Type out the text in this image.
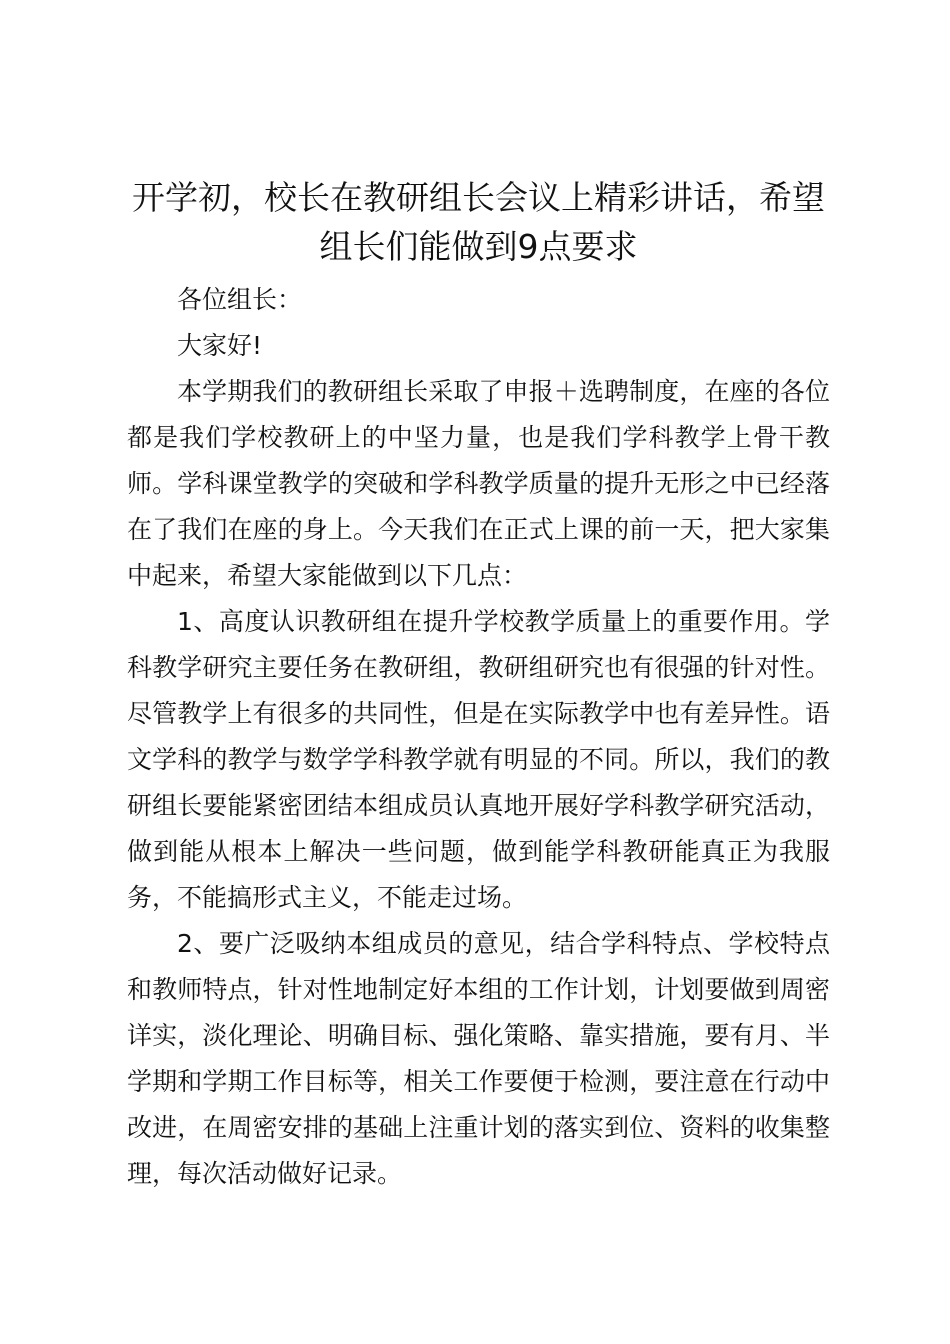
开学初，校长在教研组长会议上精彩讲话，希望组长们能做到9点要求

各位组长：

大家好!

本学期我们的教研组长采取了申报＋选聘制度，在座的各位都是我们学校教研上的中坚力量，也是我们学科教学上骨干教师。学科课堂教学的突破和学科教学质量的提升无形之中已经落在了我们在座的身上。今天我们在正式上课的前一天，把大家集中起来，希望大家能做到以下几点：

1、高度认识教研组在提升学校教学质量上的重要作用。学科教学研究主要任务在教研组，教研组研究也有很强的针对性。尽管教学上有很多的共同性，但是在实际教学中也有差异性。语文学科的教学与数学学科教学就有明显的不同。所以，我们的教研组长要能紧密团结本组成员认真地开展好学科教学研究活动，做到能从根本上解决一些问题，做到能学科教研能真正为我服务，不能搞形式主义，不能走过场。

2、要广泛吸纳本组成员的意见，结合学科特点、学校特点和教师特点，针对性地制定好本组的工作计划，计划要做到周密详实，淡化理论、明确目标、强化策略、靠实措施，要有月、半学期和学期工作目标等，相关工作要便于检测，要注意在行动中改进，在周密安排的基础上注重计划的落实到位、资料的收集整理，每次活动做好记录。
